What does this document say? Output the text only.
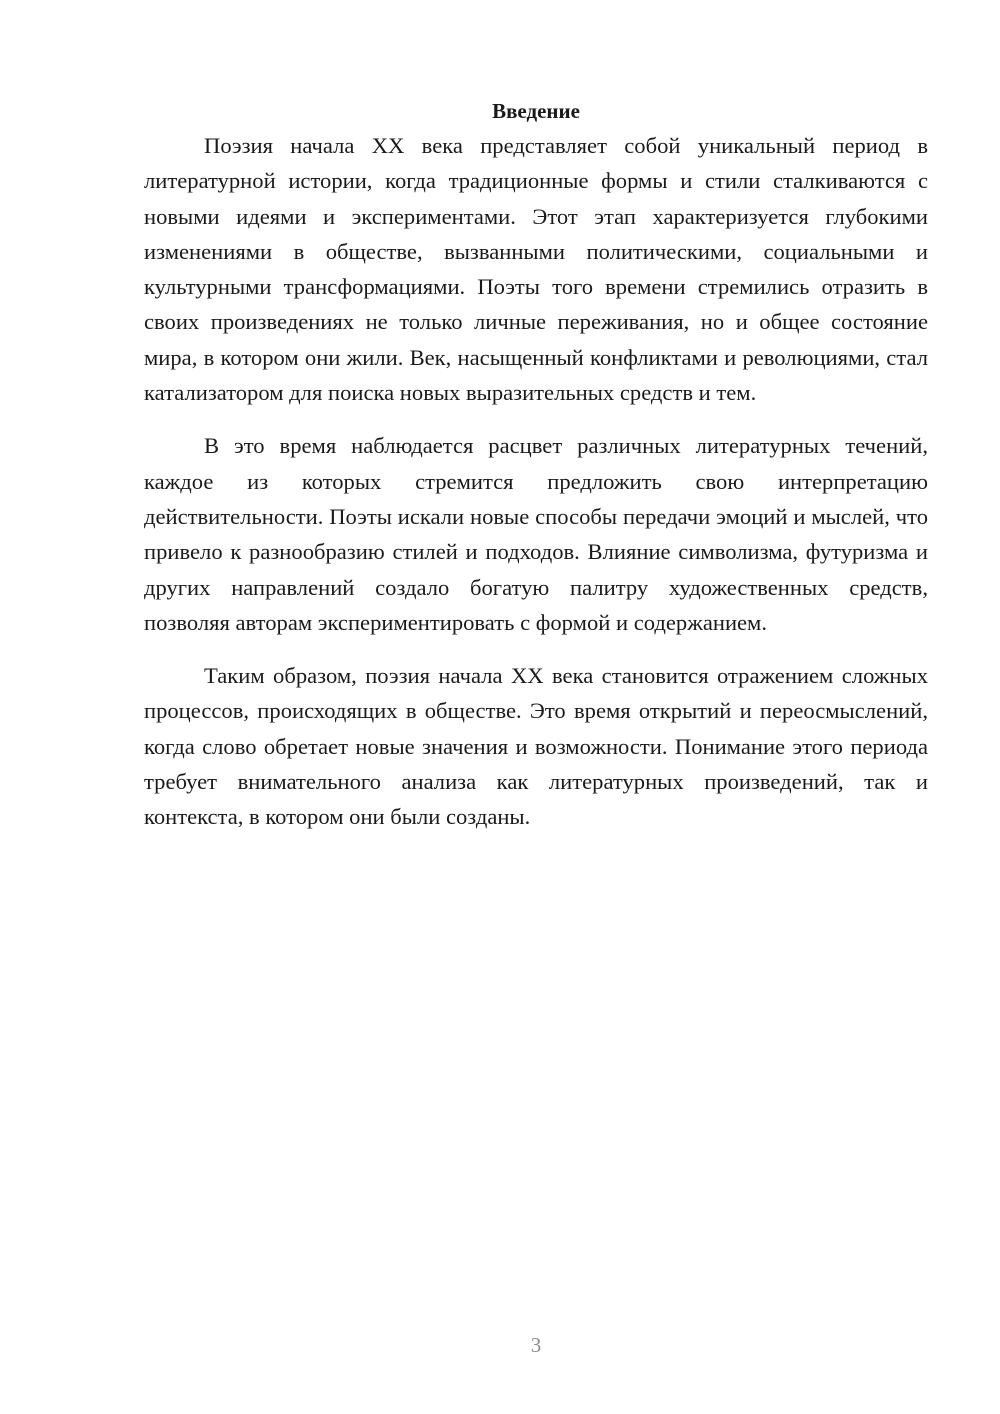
Введение

Поэзия начала XX века представляет собой уникальный период в литературной истории, когда традиционные формы и стили сталкиваются с новыми идеями и экспериментами. Этот этап характеризуется глубокими изменениями в обществе, вызванными политическими, социальными и культурными трансформациями. Поэты того времени стремились отразить в своих произведениях не только личные переживания, но и общее состояние мира, в котором они жили. Век, насыщенный конфликтами и революциями, стал катализатором для поиска новых выразительных средств и тем.

В это время наблюдается расцвет различных литературных течений, каждое из которых стремится предложить свою интерпретацию действительности. Поэты искали новые способы передачи эмоций и мыслей, что привело к разнообразию стилей и подходов. Влияние символизма, футуризма и других направлений создало богатую палитру художественных средств, позволяя авторам экспериментировать с формой и содержанием.

Таким образом, поэзия начала XX века становится отражением сложных процессов, происходящих в обществе. Это время открытий и переосмыслений, когда слово обретает новые значения и возможности. Понимание этого периода требует внимательного анализа как литературных произведений, так и контекста, в котором они были созданы.

3
